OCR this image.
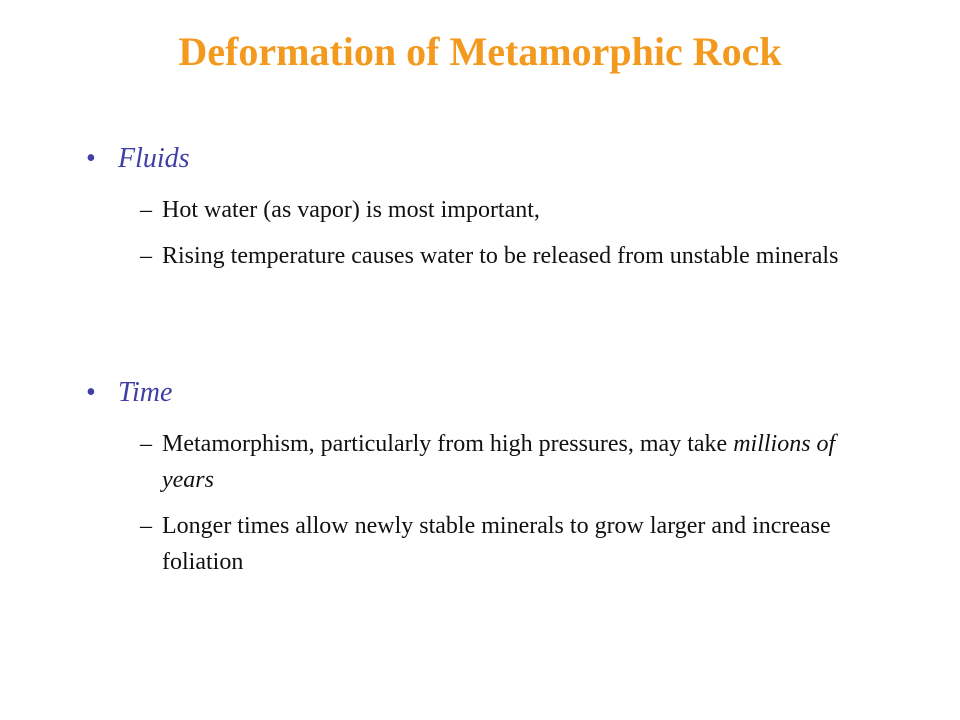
Deformation of Metamorphic Rock
• Fluids
– Hot water (as vapor) is most important,
– Rising temperature causes water to be released from unstable minerals
• Time
– Metamorphism, particularly from high pressures, may take millions of years
– Longer times allow newly stable minerals to grow larger and increase foliation
